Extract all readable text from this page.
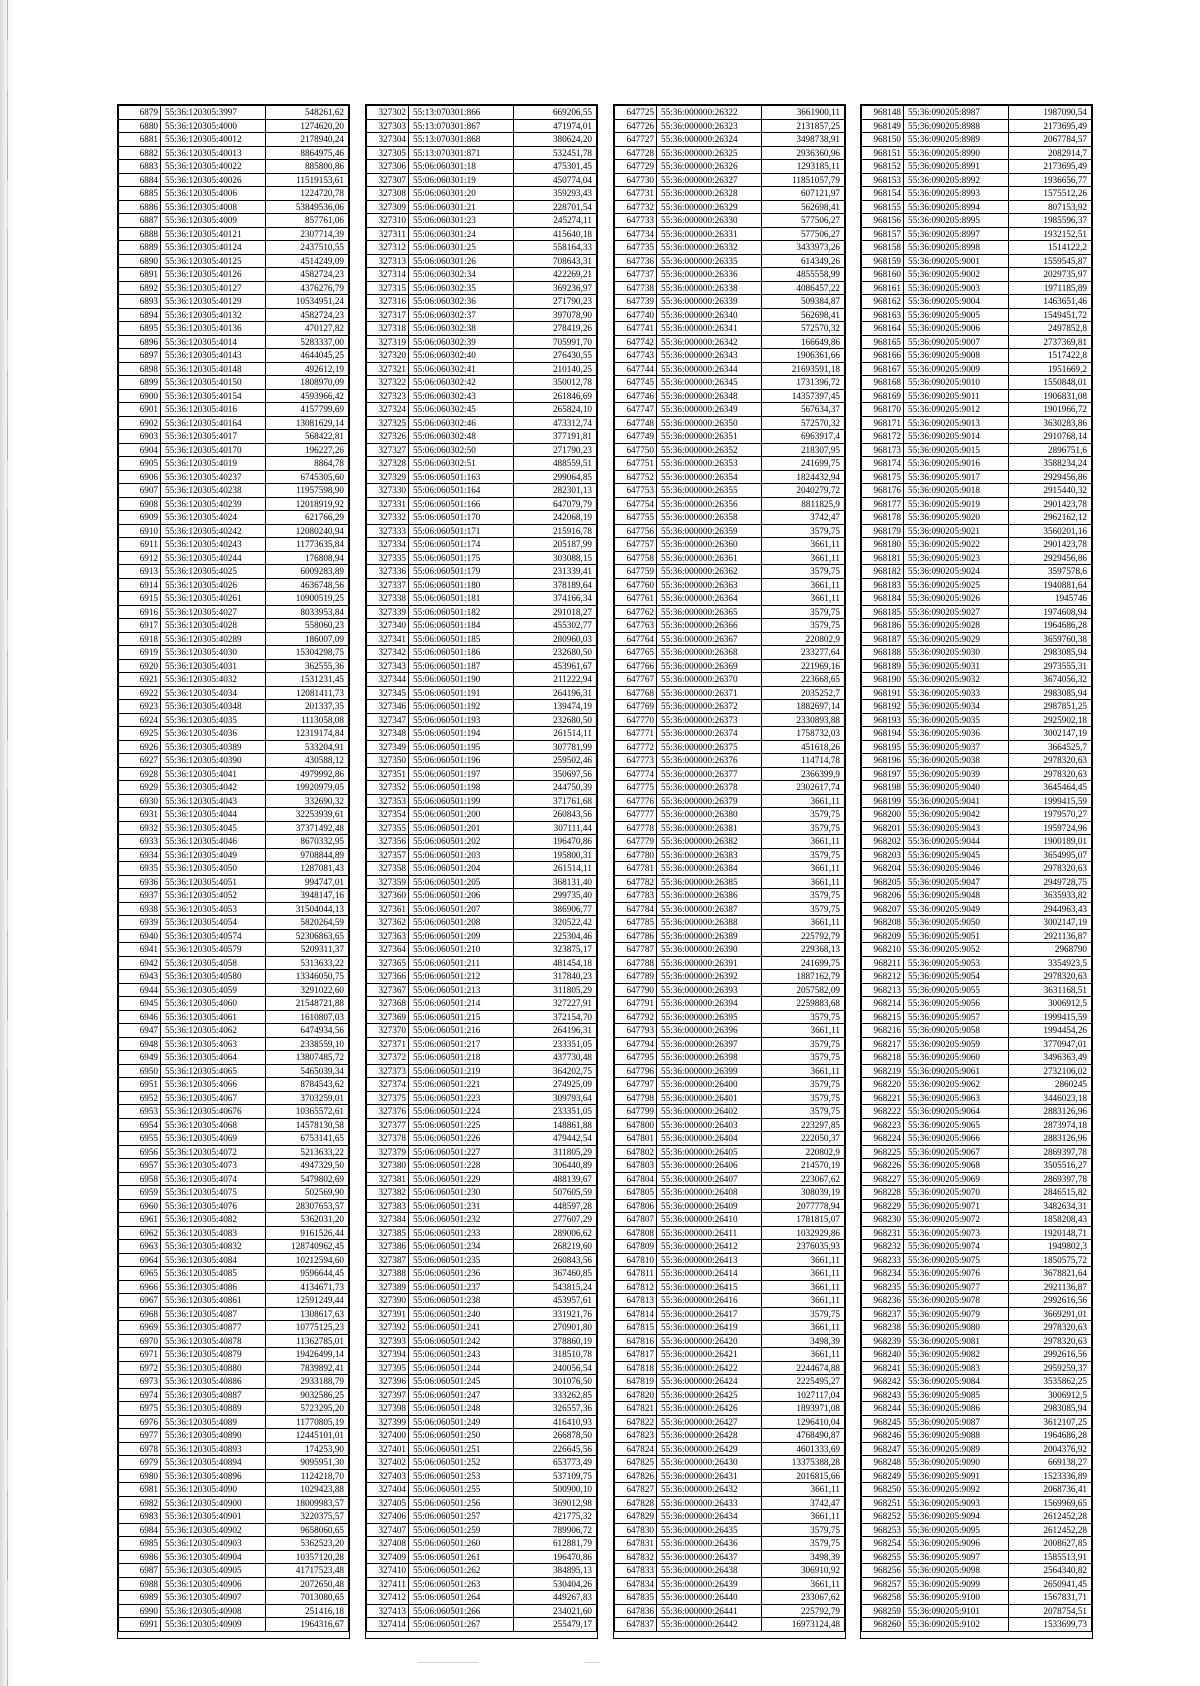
6879	55:36:120305:3997	548261,62
6880	55:36:120305:4000	1274620,20
6881	55:36:120305:40012	2178940,24
6882	55:36:120305:40013	8864975,46
6883	55:36:120305:40022	885800,86
6884	55:36:120305:40026	11519153,61
6885	55:36:120305:4006	1224720,78
6886	55:36:120305:4008	53849536,06
6887	55:36:120305:4009	857761,06
6888	55:36:120305:40121	2307714,39
6889	55:36:120305:40124	2437510,55
6890	55:36:120305:40125	4514249,09
6891	55:36:120305:40126	4582724,23
6892	55:36:120305:40127	4376276,79
6893	55:36:120305:40129	10534951,24
6894	55:36:120305:40132	4582724,23
6895	55:36:120305:40136	470127,82
6896	55:36:120305:4014	5283337,00
6897	55:36:120305:40143	4644045,25
6898	55:36:120305:40148	492612,19
6899	55:36:120305:40150	1808970,09
6900	55:36:120305:40154	4593966,42
6901	55:36:120305:4016	4157799,69
6902	55:36:120305:40164	13081629,14
6903	55:36:120305:4017	568422,81
6904	55:36:120305:40170	196227,26
6905	55:36:120305:4019	8864,78
6906	55:36:120305:40237	6745305,60
6907	55:36:120305:40238	11957598,90
6908	55:36:120305:40239	12018919,92
6909	55:36:120305:4024	621766,29
6910	55:36:120305:40242	12080240,94
6911	55:36:120305:40243	11773635,84
6912	55:36:120305:40244	176808,94
6913	55:36:120305:4025	6009283,89
6914	55:36:120305:4026	4636748,56
6915	55:36:120305:40261	10900519,25
6916	55:36:120305:4027	8033953,84
6917	55:36:120305:4028	558060,23
6918	55:36:120305:40289	186007,09
6919	55:36:120305:4030	15304298,75
6920	55:36:120305:4031	362555,36
6921	55:36:120305:4032	1531231,45
6922	55:36:120305:4034	12081411,73
6923	55:36:120305:40348	201337,35
6924	55:36:120305:4035	1113058,08
6925	55:36:120305:4036	12319174,84
6926	55:36:120305:40389	533204,91
6927	55:36:120305:40390	430588,12
6928	55:36:120305:4041	4979992,86
6929	55:36:120305:4042	19920979,05
6930	55:36:120305:4043	332690,32
6931	55:36:120305:4044	32253939,61
6932	55:36:120305:4045	37371492,48
6933	55:36:120305:4046	8670332,95
6934	55:36:120305:4049	9708844,89
6935	55:36:120305:4050	1287081,43
6936	55:36:120305:4051	994747,01
6937	55:36:120305:4052	3948147,16
6938	55:36:120305:4053	31504044,13
6939	55:36:120305:4054	5820264,59
6940	55:36:120305:40574	52306863,65
6941	55:36:120305:40579	5209311,37
6942	55:36:120305:4058	5313633,22
6943	55:36:120305:40580	13346050,75
6944	55:36:120305:4059	3291022,60
6945	55:36:120305:4060	21548721,88
6946	55:36:120305:4061	1610807,03
6947	55:36:120305:4062	6474934,56
6948	55:36:120305:4063	2338559,10
6949	55:36:120305:4064	13807485,72
6950	55:36:120305:4065	5465039,34
6951	55:36:120305:4066	8784543,62
6952	55:36:120305:4067	3703259,01
6953	55:36:120305:40676	10365572,61
6954	55:36:120305:4068	14578130,58
6955	55:36:120305:4069	6753141,65
6956	55:36:120305:4072	5213633,22
6957	55:36:120305:4073	4947329,50
6958	55:36:120305:4074	5479802,69
6959	55:36:120305:4075	502569,90
6960	55:36:120305:4076	28307653,57
6961	55:36:120305:4082	5362031,20
6962	55:36:120305:4083	9161526,44
6963	55:36:120305:40832	128740962,45
6964	55:36:120305:4084	10212594,60
6965	55:36:120305:4085	9596644,45
6966	55:36:120305:4086	4134671,73
6967	55:36:120305:40861	12591249,44
6968	55:36:120305:4087	1308617,63
6969	55:36:120305:40877	10775125,23
6970	55:36:120305:40878	11362785,01
6971	55:36:120305:40879	19426499,14
6972	55:36:120305:40880	7839892,41
6973	55:36:120305:40886	2933188,79
6974	55:36:120305:40887	9032586,25
6975	55:36:120305:40889	5723295,20
6976	55:36:120305:4089	11770805,19
6977	55:36:120305:40890	12445101,01
6978	55:36:120305:40893	174253,90
6979	55:36:120305:40894	9095951,30
6980	55:36:120305:40896	1124218,70
6981	55:36:120305:4090	1029423,88
6982	55:36:120305:40900	18009983,57
6983	55:36:120305:40901	3220375,57
6984	55:36:120305:40902	9658060,65
6985	55:36:120305:40903	5362523,20
6986	55:36:120305:40904	10357120,28
6987	55:36:120305:40905	41717523,48
6988	55:36:120305:40906	2072650,48
6989	55:36:120305:40907	7013080,65
6990	55:36:120305:40908	251416,18
6991	55:36:120305:40909	1964316,67
327302	55:13:070301:866	669206,55
327303	55:13:070301:867	471974,01
327304	55:13:070301:868	380624,20
327305	55:13:070301:871	532451,78
327306	55:06:060301:18	475301,45
327307	55:06:060301:19	450774,04
327308	55:06:060301:20	359293,43
327309	55:06:060301:21	228701,54
327310	55:06:060301:23	245274,11
327311	55:06:060301:24	415640,18
327312	55:06:060301:25	558164,33
327313	55:06:060301:26	708643,31
327314	55:06:060302:34	422269,21
327315	55:06:060302:35	369236,97
327316	55:06:060302:36	271790,23
327317	55:06:060302:37	397078,90
327318	55:06:060302:38	278419,26
327319	55:06:060302:39	705991,70
327320	55:06:060302:40	276430,55
327321	55:06:060302:41	210140,25
327322	55:06:060302:42	350012,78
327323	55:06:060302:43	261846,69
327324	55:06:060302:45	265824,10
327325	55:06:060302:46	473312,74
327326	55:06:060302:48	377191,81
327327	55:06:060302:50	271790,23
327328	55:06:060302:51	488559,51
327329	55:06:060501:163	299064,85
327330	55:06:060501:164	282301,13
327331	55:06:060501:166	647079,79
327332	55:06:060501:170	242068,19
327333	55:06:060501:171	215916,78
327334	55:06:060501:174	205187,99
327335	55:06:060501:175	303088,15
327336	55:06:060501:179	231339,41
327337	55:06:060501:180	378189,64
327338	55:06:060501:181	374166,34
327339	55:06:060501:182	291018,27
327340	55:06:060501:184	455302,77
327341	55:06:060501:185	280960,03
327342	55:06:060501:186	232680,50
327343	55:06:060501:187	453961,67
327344	55:06:060501:190	211222,94
327345	55:06:060501:191	264196,31
327346	55:06:060501:192	139474,19
327347	55:06:060501:193	232680,50
327348	55:06:060501:194	261514,11
327349	55:06:060501:195	307781,99
327350	55:06:060501:196	259502,46
327351	55:06:060501:197	350697,56
327352	55:06:060501:198	244750,39
327353	55:06:060501:199	371761,68
327354	55:06:060501:200	260843,56
327355	55:06:060501:201	307111,44
327356	55:06:060501:202	196470,86
327357	55:06:060501:203	195800,31
327358	55:06:060501:204	261514,11
327359	55:06:060501:205	368131,40
327360	55:06:060501:206	299735,40
327361	55:06:060501:207	386906,77
327362	55:06:060501:208	320522,42
327363	55:06:060501:209	225304,46
327364	55:06:060501:210	323875,17
327365	55:06:060501:211	481454,18
327366	55:06:060501:212	317840,23
327367	55:06:060501:213	311805,29
327368	55:06:060501:214	327227,91
327369	55:06:060501:215	372154,70
327370	55:06:060501:216	264196,31
327371	55:06:060501:217	233351,05
327372	55:06:060501:218	437730,48
327373	55:06:060501:219	364202,75
327374	55:06:060501:221	274925,09
327375	55:06:060501:223	309793,64
327376	55:06:060501:224	233351,05
327377	55:06:060501:225	148861,88
327378	55:06:060501:226	479442,54
327379	55:06:060501:227	311805,29
327380	55:06:060501:228	306440,89
327381	55:06:060501:229	488139,67
327382	55:06:060501:230	507605,59
327383	55:06:060501:231	448597,28
327384	55:06:060501:232	277607,29
327385	55:06:060501:233	289006,62
327386	55:06:060501:234	268219,60
327387	55:06:060501:235	260843,56
327388	55:06:060501:236	367460,85
327389	55:06:060501:237	543815,24
327390	55:06:060501:238	453957,61
327391	55:06:060501:240	331921,76
327392	55:06:060501:241	270901,80
327393	55:06:060501:242	378860,19
327394	55:06:060501:243	318510,78
327395	55:06:060501:244	240056,54
327396	55:06:060501:245	301076,50
327397	55:06:060501:247	333262,85
327398	55:06:060501:248	326557,36
327399	55:06:060501:249	416410,93
327400	55:06:060501:250	266878,50
327401	55:06:060501:251	226645,56
327402	55:06:060501:252	653773,49
327403	55:06:060501:253	537109,75
327404	55:06:060501:255	500900,10
327405	55:06:060501:256	369012,98
327406	55:06:060501:257	421775,32
327407	55:06:060501:259	789906,72
327408	55:06:060501:260	612881,79
327409	55:06:060501:261	196470,86
327410	55:06:060501:262	384895,13
327411	55:06:060501:263	530404,26
327412	55:06:060501:264	449267,83
327413	55:06:060501:266	234021,60
327414	55:06:060501:267	255479,17
647725	55:36:000000:26322	3661900,11
647726	55:36:000000:26323	2131857,25
647727	55:36:000000:26324	3498738,91
647728	55:36:000000:26325	2936360,96
647729	55:36:000000:26326	1293185,11
647730	55:36:000000:26327	11851057,79
647731	55:36:000000:26328	607121,97
647732	55:36:000000:26329	562698,41
647733	55:36:000000:26330	577506,27
647734	55:36:000000:26331	577506,27
647735	55:36:000000:26332	3433973,26
647736	55:36:000000:26335	614349,26
647737	55:36:000000:26336	4855558,99
647738	55:36:000000:26338	4086457,22
647739	55:36:000000:26339	509384,87
647740	55:36:000000:26340	562698,41
647741	55:36:000000:26341	572570,32
647742	55:36:000000:26342	166649,86
647743	55:36:000000:26343	1906361,66
647744	55:36:000000:26344	21693591,18
647745	55:36:000000:26345	1731396,72
647746	55:36:000000:26348	14357397,45
647747	55:36:000000:26349	567634,37
647748	55:36:000000:26350	572570,32
647749	55:36:000000:26351	6963917,4
647750	55:36:000000:26352	218307,95
647751	55:36:000000:26353	241699,75
647752	55:36:000000:26354	1824432,94
647753	55:36:000000:26355	2040279,72
647754	55:36:000000:26356	8811825,9
647755	55:36:000000:26358	3742,47
647756	55:36:000000:26359	3579,75
647757	55:36:000000:26360	3661,11
647758	55:36:000000:26361	3661,11
647759	55:36:000000:26362	3579,75
647760	55:36:000000:26363	3661,11
647761	55:36:000000:26364	3661,11
647762	55:36:000000:26365	3579,75
647763	55:36:000000:26366	3579,75
647764	55:36:000000:26367	220802,9
647765	55:36:000000:26368	233277,64
647766	55:36:000000:26369	221969,16
647767	55:36:000000:26370	223668,65
647768	55:36:000000:26371	2035252,7
647769	55:36:000000:26372	1882697,14
647770	55:36:000000:26373	2330893,88
647771	55:36:000000:26374	1758732,03
647772	55:36:000000:26375	451618,26
647773	55:36:000000:26376	114714,78
647774	55:36:000000:26377	2366399,9
647775	55:36:000000:26378	2302617,74
647776	55:36:000000:26379	3661,11
647777	55:36:000000:26380	3579,75
647778	55:36:000000:26381	3579,75
647779	55:36:000000:26382	3661,11
647780	55:36:000000:26383	3579,75
647781	55:36:000000:26384	3661,11
647782	55:36:000000:26385	3661,11
647783	55:36:000000:26386	3579,75
647784	55:36:000000:26387	3579,75
647785	55:36:000000:26388	3661,11
647786	55:36:000000:26389	225792,79
647787	55:36:000000:26390	229368,13
647788	55:36:000000:26391	241699,75
647789	55:36:000000:26392	1887162,79
647790	55:36:000000:26393	2057582,09
647791	55:36:000000:26394	2259883,68
647792	55:36:000000:26395	3579,75
647793	55:36:000000:26396	3661,11
647794	55:36:000000:26397	3579,75
647795	55:36:000000:26398	3579,75
647796	55:36:000000:26399	3661,11
647797	55:36:000000:26400	3579,75
647798	55:36:000000:26401	3579,75
647799	55:36:000000:26402	3579,75
647800	55:36:000000:26403	223297,85
647801	55:36:000000:26404	222050,37
647802	55:36:000000:26405	220802,9
647803	55:36:000000:26406	214570,19
647804	55:36:000000:26407	223067,62
647805	55:36:000000:26408	308039,19
647806	55:36:000000:26409	2077778,94
647807	55:36:000000:26410	1781815,07
647808	55:36:000000:26411	1032929,86
647809	55:36:000000:26412	2376035,93
647810	55:36:000000:26413	3661,11
647811	55:36:000000:26414	3661,11
647812	55:36:000000:26415	3661,11
647813	55:36:000000:26416	3661,11
647814	55:36:000000:26417	3579,75
647815	55:36:000000:26419	3661,11
647816	55:36:000000:26420	3498,39
647817	55:36:000000:26421	3661,11
647818	55:36:000000:26422	2244674,88
647819	55:36:000000:26424	2225495,27
647820	55:36:000000:26425	1027117,04
647821	55:36:000000:26426	1893971,08
647822	55:36:000000:26427	1296410,04
647823	55:36:000000:26428	4768490,87
647824	55:36:000000:26429	4601333,69
647825	55:36:000000:26430	13375388,28
647826	55:36:000000:26431	2016815,66
647827	55:36:000000:26432	3661,11
647828	55:36:000000:26433	3742,47
647829	55:36:000000:26434	3661,11
647830	55:36:000000:26435	3579,75
647831	55:36:000000:26436	3579,75
647832	55:36:000000:26437	3498,39
647833	55:36:000000:26438	306910,92
647834	55:36:000000:26439	3661,11
647835	55:36:000000:26440	233067,62
647836	55:36:000000:26441	225792,79
647837	55:36:000000:26442	16973124,48
968148	55:36:090205:8987	1987090,54
968149	55:36:090205:8988	2173695,49
968150	55:36:090205:8989	2067784,57
968151	55:36:090205:8990	2082914,7
968152	55:36:090205:8991	2173695,49
968153	55:36:090205:8992	1936656,77
968154	55:36:090205:8993	1575512,26
968155	55:36:090205:8994	807153,92
968156	55:36:090205:8995	1985596,37
968157	55:36:090205:8997	1932152,51
968158	55:36:090205:8998	1514122,2
968159	55:36:090205:9001	1559545,87
968160	55:36:090205:9002	2029735,97
968161	55:36:090205:9003	1971185,89
968162	55:36:090205:9004	1463651,46
968163	55:36:090205:9005	1549451,72
968164	55:36:090205:9006	2497852,8
968165	55:36:090205:9007	2737369,81
968166	55:36:090205:9008	1517422,8
968167	55:36:090205:9009	1951669,2
968168	55:36:090205:9010	1550848,01
968169	55:36:090205:9011	1906831,08
968170	55:36:090205:9012	1901966,72
968171	55:36:090205:9013	3630283,86
968172	55:36:090205:9014	2910768,14
968173	55:36:090205:9015	2896751,6
968174	55:36:090205:9016	3588234,24
968175	55:36:090205:9017	2929456,86
968176	55:36:090205:9018	2915440,32
968177	55:36:090205:9019	2901423,78
968178	55:36:090205:9020	2962162,12
968179	55:36:090205:9021	3560201,16
968180	55:36:090205:9022	2901423,78
968181	55:36:090205:9023	2929456,86
968182	55:36:090205:9024	3597578,6
968183	55:36:090205:9025	1940881,64
968184	55:36:090205:9026	1945746
968185	55:36:090205:9027	1974608,94
968186	55:36:090205:9028	1964686,28
968187	55:36:090205:9029	3659760,38
968188	55:36:090205:9030	2983085,94
968189	55:36:090205:9031	2973555,31
968190	55:36:090205:9032	3674056,32
968191	55:36:090205:9033	2983085,94
968192	55:36:090205:9034	2987851,25
968193	55:36:090205:9035	2925902,18
968194	55:36:090205:9036	3002147,19
968195	55:36:090205:9037	3664525,7
968196	55:36:090205:9038	2978320,63
968197	55:36:090205:9039	2978320,63
968198	55:36:090205:9040	3645464,45
968199	55:36:090205:9041	1999415,59
968200	55:36:090205:9042	1979570,27
968201	55:36:090205:9043	1959724,96
968202	55:36:090205:9044	1900189,01
968203	55:36:090205:9045	3654995,07
968204	55:36:090205:9046	2978320,63
968205	55:36:090205:9047	2949728,75
968206	55:36:090205:9048	3635933,82
968207	55:36:090205:9049	2944963,43
968208	55:36:090205:9050	3002147,19
968209	55:36:090205:9051	2921136,87
968210	55:36:090205:9052	2968790
968211	55:36:090205:9053	3354923,5
968212	55:36:090205:9054	2978320,63
968213	55:36:090205:9055	3631168,51
968214	55:36:090205:9056	3006912,5
968215	55:36:090205:9057	1999415,59
968216	55:36:090205:9058	1994454,26
968217	55:36:090205:9059	3770947,01
968218	55:36:090205:9060	3496363,49
968219	55:36:090205:9061	2732106,02
968220	55:36:090205:9062	2860245
968221	55:36:090205:9063	3446023,18
968222	55:36:090205:9064	2883126,96
968223	55:36:090205:9065	2873974,18
968224	55:36:090205:9066	2883126,96
968225	55:36:090205:9067	2869397,78
968226	55:36:090205:9068	3505516,27
968227	55:36:090205:9069	2869397,78
968228	55:36:090205:9070	2846515,82
968229	55:36:090205:9071	3482634,31
968230	55:36:090205:9072	1858208,43
968231	55:36:090205:9073	1920148,71
968232	55:36:090205:9074	1949802,3
968233	55:36:090205:9075	1850575,72
968234	55:36:090205:9076	3678821,64
968235	55:36:090205:9077	2921136,87
968236	55:36:090205:9078	2992616,56
968237	55:36:090205:9079	3669291,01
968238	55:36:090205:9080	2978320,63
968239	55:36:090205:9081	2978320,63
968240	55:36:090205:9082	2992616,56
968241	55:36:090205:9083	2959259,37
968242	55:36:090205:9084	3535862,25
968243	55:36:090205:9085	3006912,5
968244	55:36:090205:9086	2983085,94
968245	55:36:090205:9087	3612107,25
968246	55:36:090205:9088	1964686,28
968247	55:36:090205:9089	2004376,92
968248	55:36:090205:9090	669138,27
968249	55:36:090205:9091	1523336,89
968250	55:36:090205:9092	2068736,41
968251	55:36:090205:9093	1569969,65
968252	55:36:090205:9094	2612452,28
968253	55:36:090205:9095	2612452,28
968254	55:36:090205:9096	2008627,85
968255	55:36:090205:9097	1585513,91
968256	55:36:090205:9098	2564340,82
968257	55:36:090205:9099	2650941,45
968258	55:36:090205:9100	1567831,71
968259	55:36:090205:9101	2078754,51
968260	55:36:090205:9102	1533699,73
